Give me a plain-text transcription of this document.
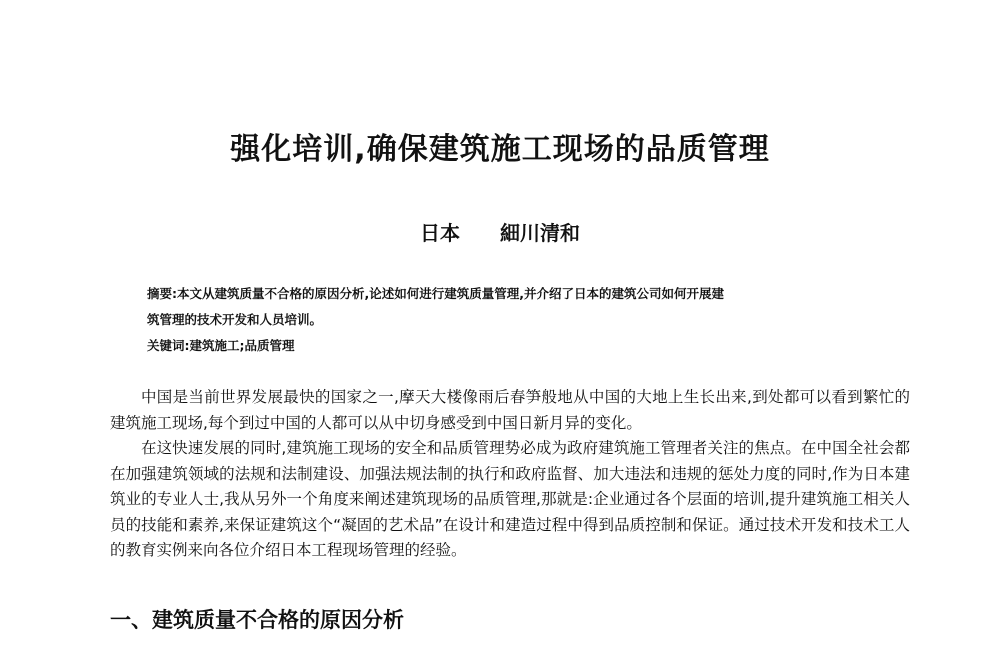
强化培训,确保建筑施工现场的品质管理
日本 細川清和
摘要:本文从建筑质量不合格的原因分析,论述如何进行建筑质量管理,并介绍了日本的建筑公司如何开展建
筑管理的技术开发和人员培训。
关键词:建筑施工;品质管理

中国是当前世界发展最快的国家之一,摩天大楼像雨后春笋般地从中国的大地上生长出来,到处都可以看到繁忙的建筑施工现场,每个到过中国的人都可以从中切身感受到中国日新月异的变化。

在这快速发展的同时,建筑施工现场的安全和品质管理势必成为政府建筑施工管理者关注的焦点。在中国全社会都在加强建筑领域的法规和法制建设、加强法规法制的执行和政府监督、加大违法和违规的惩处力度的同时,作为日本建筑业的专业人士,我从另外一个角度来阐述建筑现场的品质管理,那就是:企业通过各个层面的培训,提升建筑施工相关人员的技能和素养,来保证建筑这个“凝固的艺术品”在设计和建造过程中得到品质控制和保证。通过技术开发和技术工人的教育实例来向各位介绍日本工程现场管理的经验。

一、建筑质量不合格的原因分析
